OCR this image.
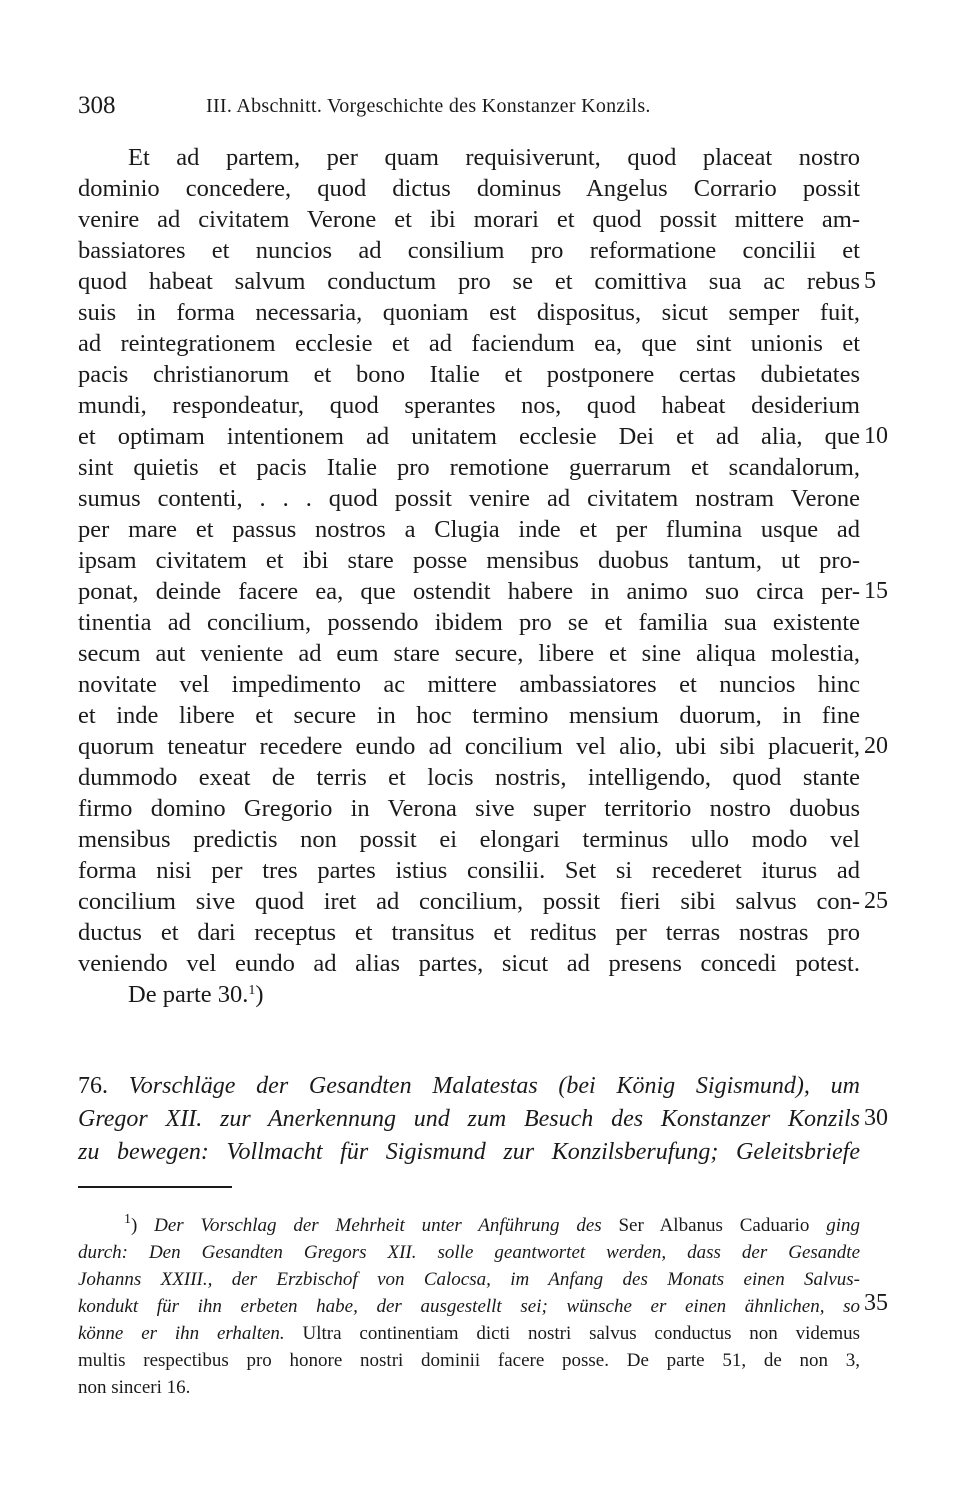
308	III. Abschnitt. Vorgeschichte des Konstanzer Konzils.
Et ad partem, per quam requisiverunt, quod placeat nostro
dominio concedere, quod dictus dominus Angelus Corrario possit
venire ad civitatem Verone et ibi morari et quod possit mittere am-
bassiatores et nuncios ad consilium pro reformatione concilii et
quod habeat salvum conductum pro se et comittiva sua ac rebus
suis in forma necessaria, quoniam est dispositus, sicut semper fuit,
ad reintegrationem ecclesie et ad faciendum ea, que sint unionis et
pacis christianorum et bono Italie et postponere certas dubietates
mundi, respondeatur, quod sperantes nos, quod habeat desiderium
et optimam intentionem ad unitatem ecclesie Dei et ad alia, que
sint quietis et pacis Italie pro remotione guerrarum et scandalorum,
sumus contenti, . . . quod possit venire ad civitatem nostram Verone
per mare et passus nostros a Clugia inde et per flumina usque ad
ipsam civitatem et ibi stare posse mensibus duobus tantum, ut pro-
ponat, deinde facere ea, que ostendit habere in animo suo circa per-
tinentia ad concilium, possendo ibidem pro se et familia sua existente
secum aut veniente ad eum stare secure, libere et sine aliqua molestia,
novitate vel impedimento ac mittere ambassiatores et nuncios hinc
et inde libere et secure in hoc termino mensium duorum, in fine
quorum teneatur recedere eundo ad concilium vel alio, ubi sibi placuerit,
dummodo exeat de terris et locis nostris, intelligendo, quod stante
firmo domino Gregorio in Verona sive super territorio nostro duobus
mensibus predictis non possit ei elongari terminus ullo modo vel
forma nisi per tres partes istius consilii. Set si recederet iturus ad
concilium sive quod iret ad concilium, possit fieri sibi salvus con-
ductus et dari receptus et transitus et reditus per terras nostras pro
veniendo vel eundo ad alias partes, sicut ad presens concedi potest.
De parte 30.$^1$)
5
10
15
20
25
30
35
76. Vorschläge der Gesandten Malatestas (bei König Sigismund), um
Gregor XII. zur Anerkennung und zum Besuch des Konstanzer Konzils
zu bewegen: Vollmacht für Sigismund zur Konzilsberufung; Geleitsbriefe
$^1$) Der Vorschlag der Mehrheit unter Anführung des Ser Albanus Caduario ging
durch: Den Gesandten Gregors XII. solle geantwortet werden, dass der Gesandte
Johanns XXIII., der Erzbischof von Calocsa, im Anfang des Monats einen Salvus-
kondukt für ihn erbeten habe, der ausgestellt sei; wünsche er einen ähnlichen, so
könne er ihn erhalten. Ultra continentiam dicti nostri salvus conductus non videmus
multis respectibus pro honore nostri dominii facere posse. De parte 51, de non 3,
non sinceri 16.
